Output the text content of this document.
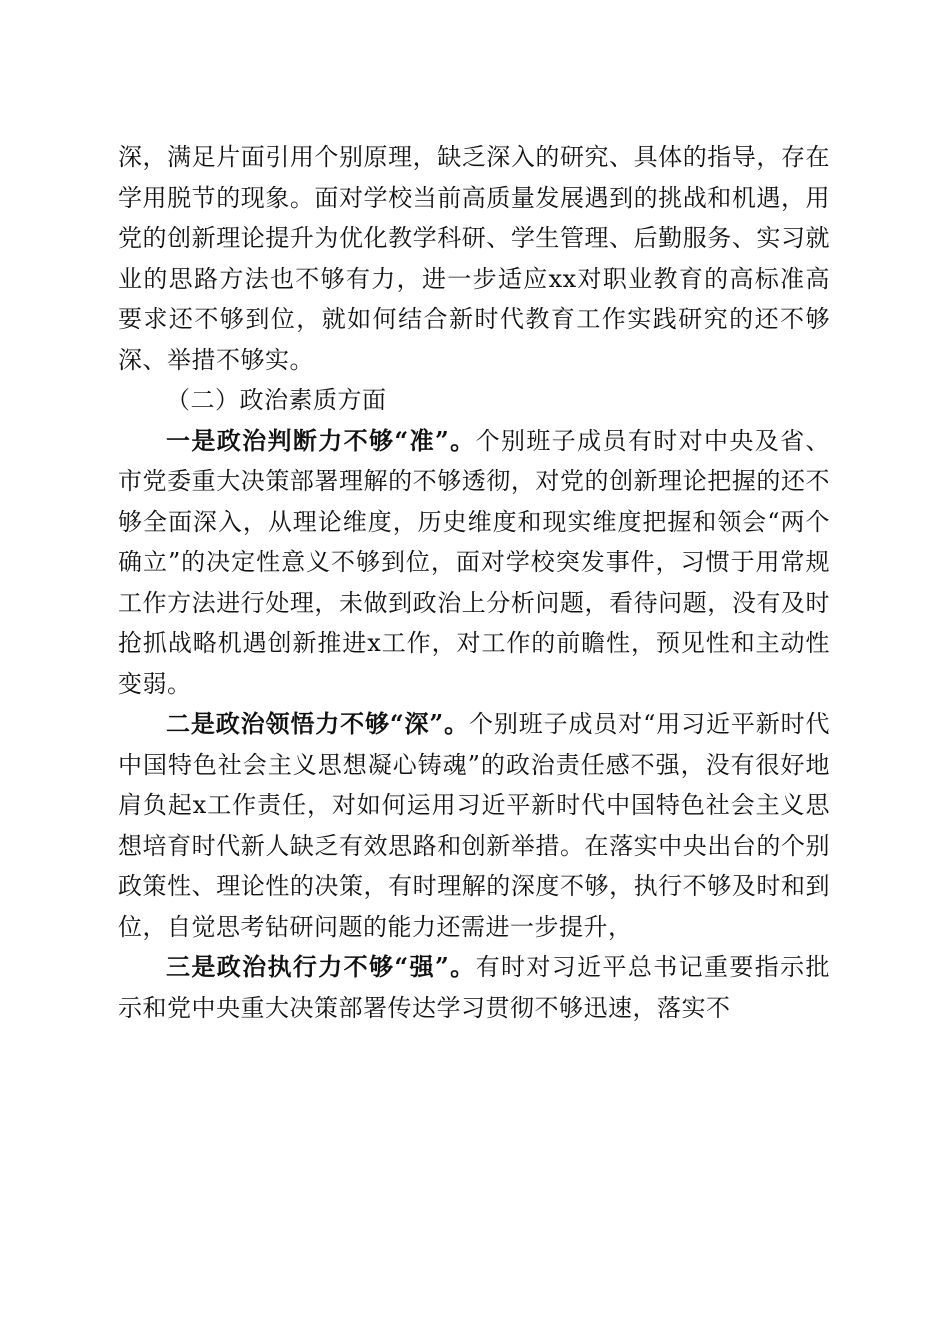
深，满足片面引用个别原理，缺乏深入的研究、具体的指导，存在学用脱节的现象。面对学校当前高质量发展遇到的挑战和机遇，用党的创新理论提升为优化教学科研、学生管理、后勤服务、实习就业的思路方法也不够有力，进一步适应xx对职业教育的高标准高要求还不够到位，就如何结合新时代教育工作实践研究的还不够深、举措不够实。

（二）政治素质方面

一是政治判断力不够“准”。个别班子成员有时对中央及省、市党委重大决策部署理解的不够透彻，对党的创新理论把握的还不够全面深入，从理论维度，历史维度和现实维度把握和领会“两个确立”的决定性意义不够到位，面对学校突发事件，习惯于用常规工作方法进行处理，未做到政治上分析问题，看待问题，没有及时抢抓战略机遇创新推进x工作，对工作的前瞻性，预见性和主动性变弱。

二是政治领悟力不够“深”。个别班子成员对“用习近平新时代中国特色社会主义思想凝心铸魂”的政治责任感不强，没有很好地肩负起x工作责任，对如何运用习近平新时代中国特色社会主义思想培育时代新人缺乏有效思路和创新举措。在落实中央出台的个别政策性、理论性的决策，有时理解的深度不够，执行不够及时和到位，自觉思考钻研问题的能力还需进一步提升，

三是政治执行力不够“强”。有时对习近平总书记重要指示批示和党中央重大决策部署传达学习贯彻不够迅速，落实不
